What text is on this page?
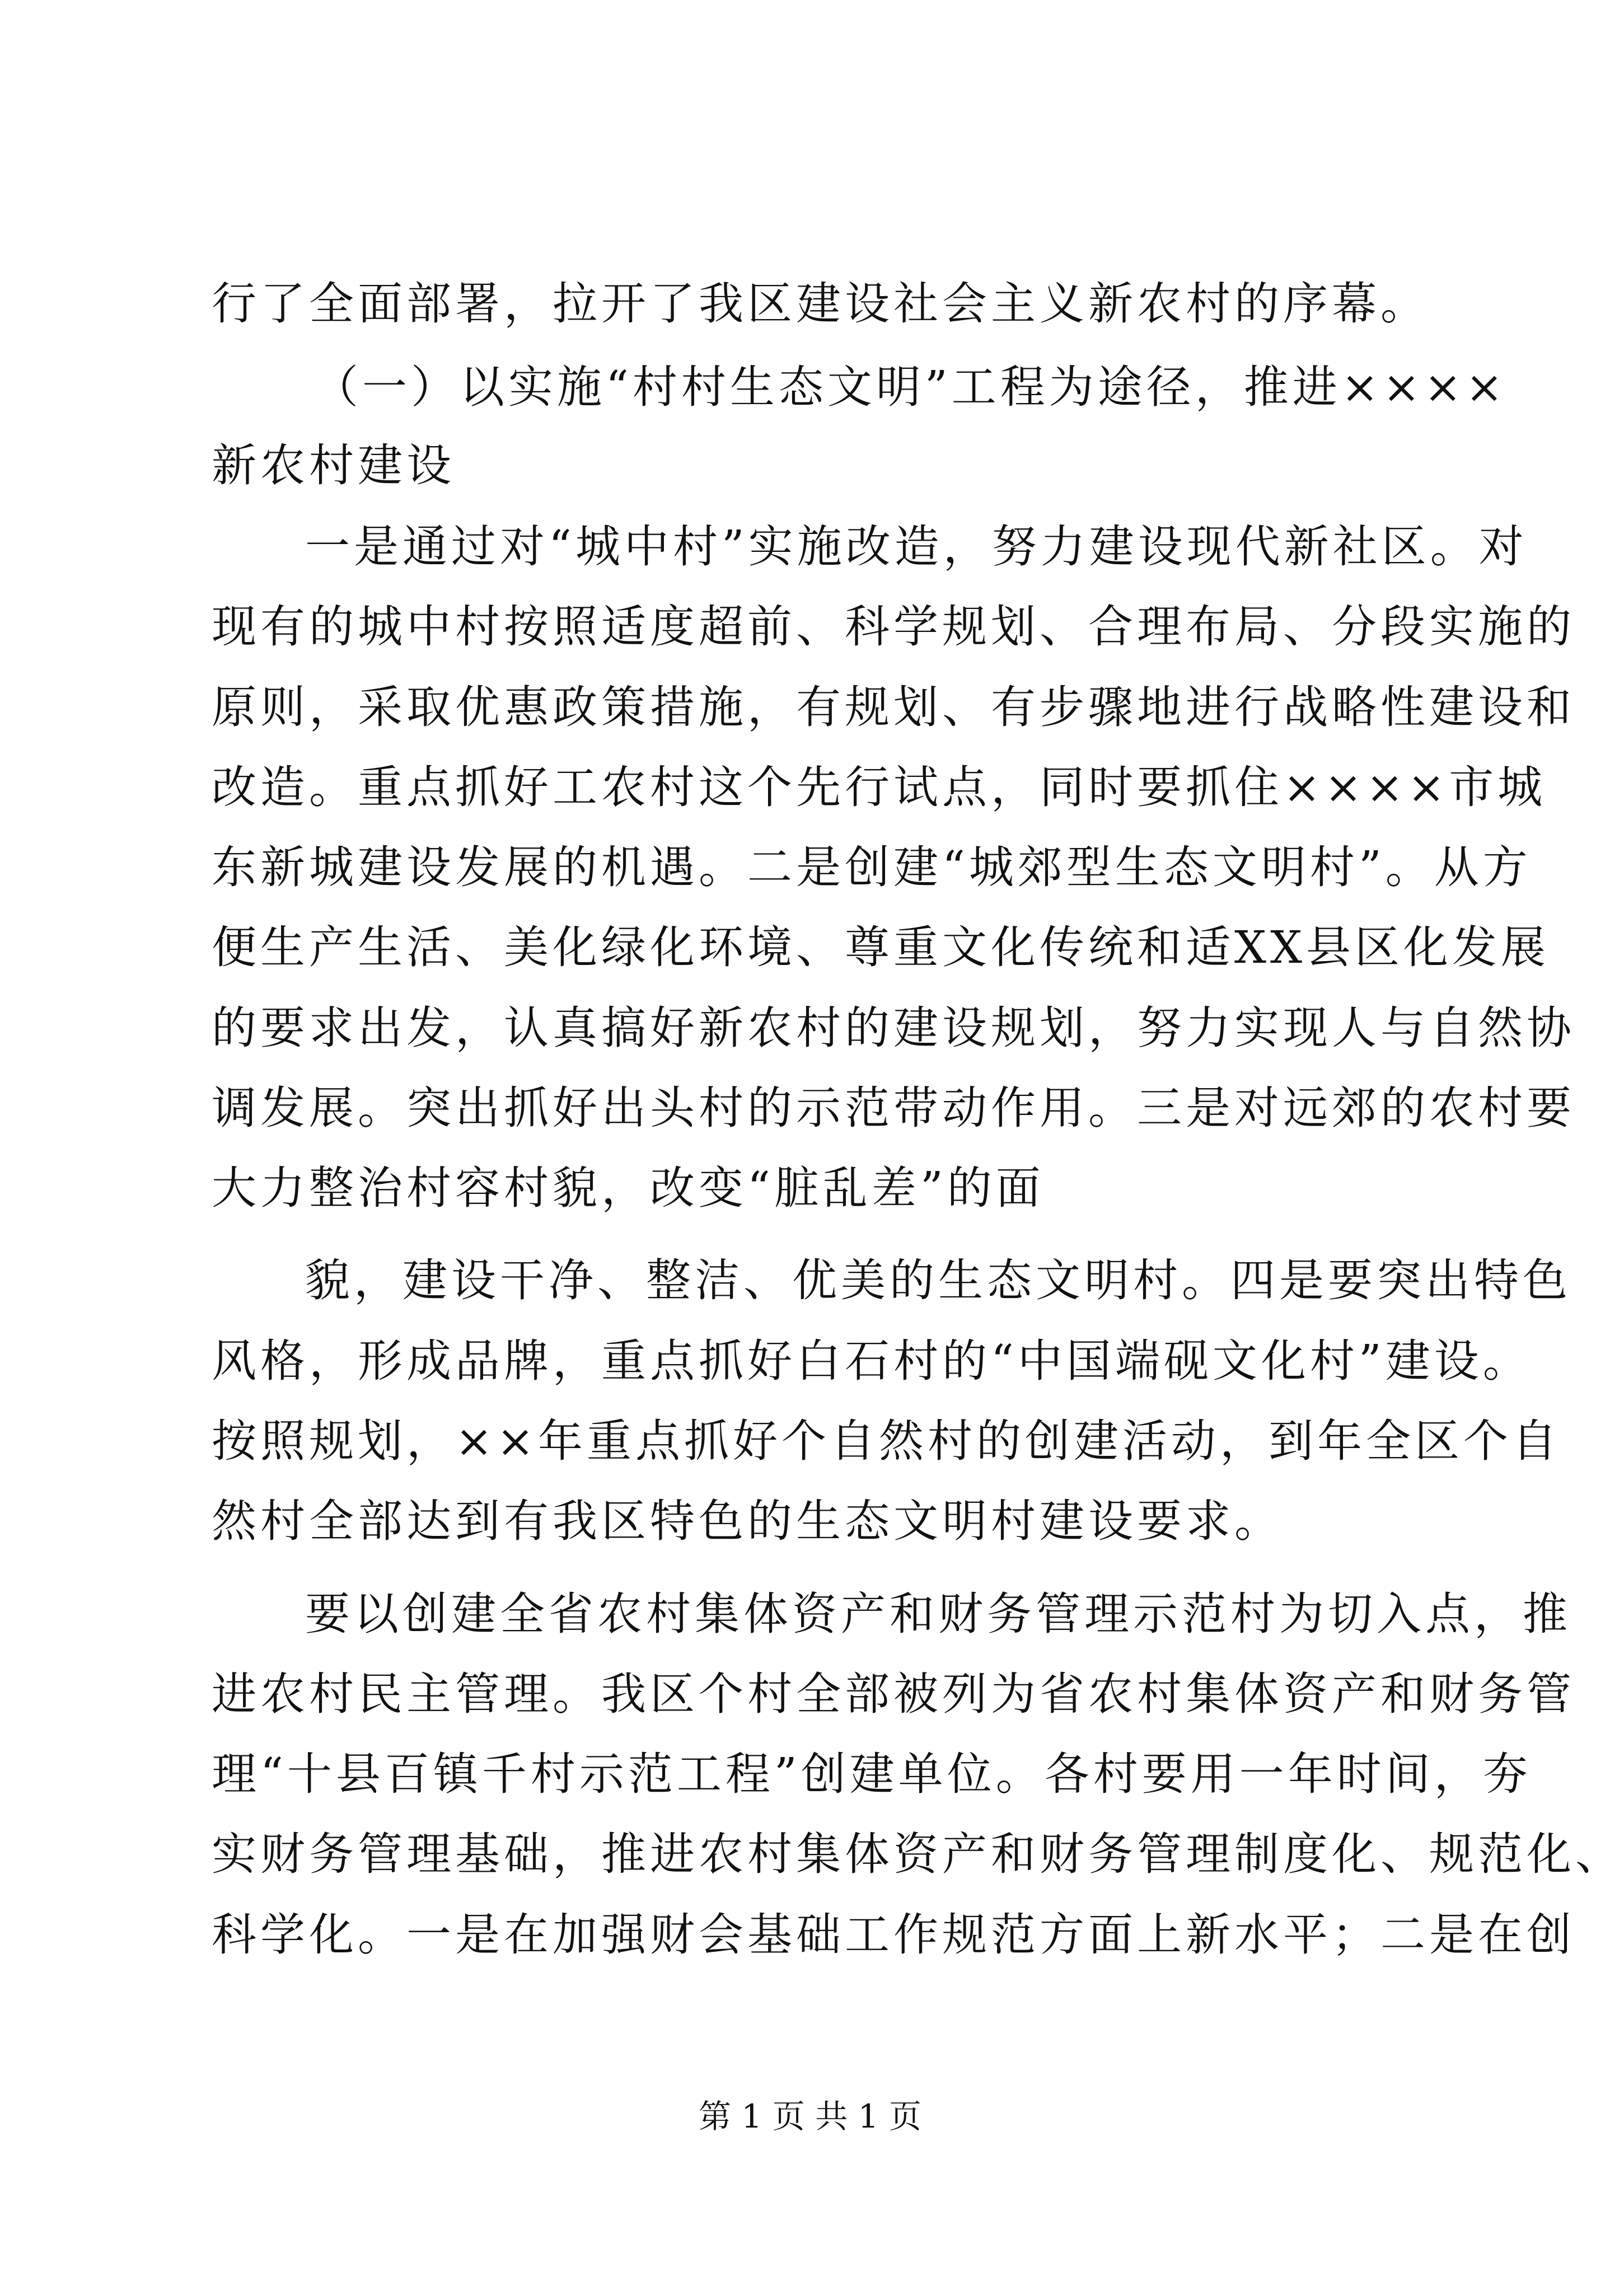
行了全面部署，拉开了我区建设社会主义新农村的序幕。
（一）以实施“村村生态文明”工程为途径，推进××××
新农村建设
一是通过对“城中村”实施改造，努力建设现代新社区。对
现有的城中村按照适度超前、科学规划、合理布局、分段实施的
原则，采取优惠政策措施，有规划、有步骤地进行战略性建设和
改造。重点抓好工农村这个先行试点，同时要抓住××××市城
东新城建设发展的机遇。二是创建“城郊型生态文明村”。从方
便生产生活、美化绿化环境、尊重文化传统和适XX县区化发展
的要求出发，认真搞好新农村的建设规划，努力实现人与自然协
调发展。突出抓好出头村的示范带动作用。三是对远郊的农村要
大力整治村容村貌，改变“脏乱差”的面
貌，建设干净、整洁、优美的生态文明村。四是要突出特色
风格，形成品牌，重点抓好白石村的“中国端砚文化村”建设。
按照规划，××年重点抓好个自然村的创建活动，到年全区个自
然村全部达到有我区特色的生态文明村建设要求。
要以创建全省农村集体资产和财务管理示范村为切入点，推
进农村民主管理。我区个村全部被列为省农村集体资产和财务管
理“十县百镇千村示范工程”创建单位。各村要用一年时间，夯
实财务管理基础，推进农村集体资产和财务管理制度化、规范化、
科学化。一是在加强财会基础工作规范方面上新水平；二是在创
第 1 页 共 1 页
